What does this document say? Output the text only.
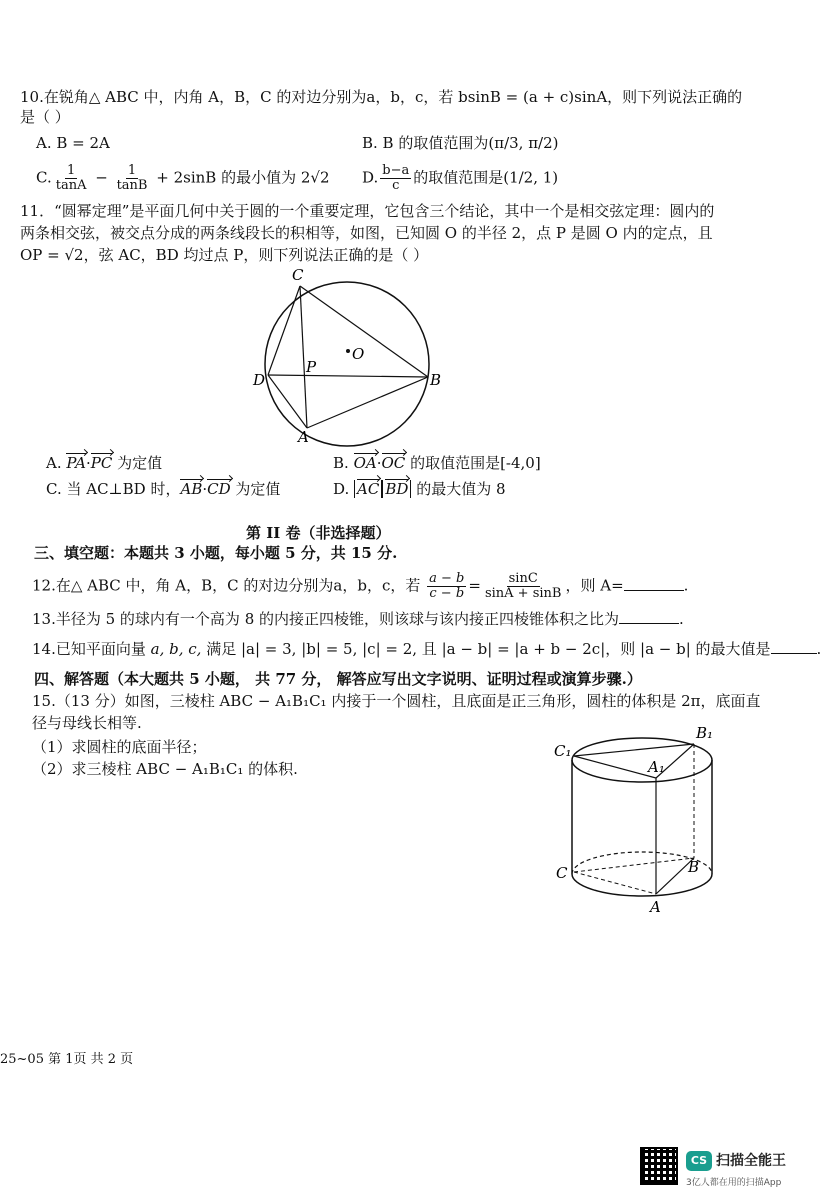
10.在锐角△ ABC 中，内角 A，B，C 的对边分别为a，b，c，若 bsinB = (a + c)sinA，则下列说法正确的
是（ ）
A. B = 2A	B. B 的取值范围为(π/3, π/2)
C. $\frac{1}{\tan A} - \frac{1}{\tan B} + 2\sin B$ 的最小值为 2√2 D. $\frac{b-a}{c}$ 的取值范围是(1/2, 1)
11．“圆幂定理”是平面几何中关于圆的一个重要定理，它包含三个结论，其中一个是相交弦定理：圆内的
两条相交弦，被交点分成的两条线段长的积相等，如图，已知圆 O 的半径 2，点 P 是圆 O 内的定点，且
OP = √2，弦 AC，BD 均过点 P，则下列说法正确的是（ ）
C
P
O
D	B
A
A. PA·PC 为定值	B. OA·OC 的取值范围是[-4,0]
C. 当 AC⊥BD 时，AB·CD 为定值	D. AC BD 的最大值为 8
第 II 卷（非选择题）
三、填空题：本题共 3 小题，每小题 5 分，共 15 分.
12.在△ ABC 中，角 A，B，C 的对边分别为a，b，c，若 $\frac{a - b}{c - b} = \frac{\sin C}{\sin A + \sin B}$ ，则 A=	.
13.半径为 5 的球内有一个高为 8 的内接正四棱锥，则该球与该内接正四棱锥体积之比为	.
14.已知平面向量 a, b, c, 满足 |a| = 3, |b| = 5, |c| = 2, 且 |a − b| = |a + b − 2c|，则 |a − b| 的最大值是	.
四、解答题（本大题共 5 小题， 共 77 分， 解答应写出文字说明、证明过程或演算步骤.）
15.（13 分）如图，三棱柱 ABC − A₁B₁C₁ 内接于一个圆柱，且底面是正三角形，圆柱的体积是 2π，底面直
径与母线长相等.
（1）求圆柱的底面半径；
（2）求三棱柱 ABC − A₁B₁C₁ 的体积.
C₁
B₁
A₁
C	B
A
25~05 第 1页 共 2 页
CS 扫描全能王
3亿人都在用的扫描App
